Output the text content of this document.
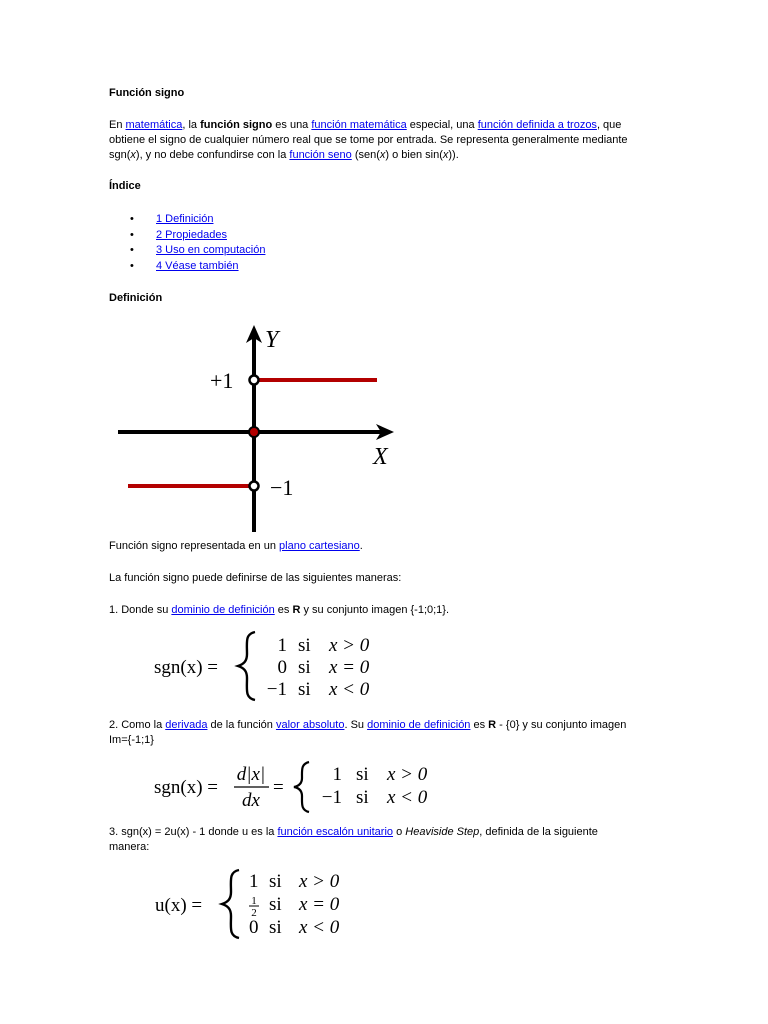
Función signo
En matemática, la función signo es una función matemática especial, una función definida a trozos, que obtiene el signo de cualquier número real que se tome por entrada. Se representa generalmente mediante sgn(x), y no debe confundirse con la función seno (sen(x) o bien sin(x)).
Índice
• 1 Definición
• 2 Propiedades
• 3 Uso en computación
• 4 Véase también
Definición
Y
X
+1
−1
Función signo representada en un plano cartesiano.
La función signo puede definirse de las siguientes maneras:
1. Donde su dominio de definición es R y su conjunto imagen {-1;0;1}.
sgn(x) =
1 si x > 0
0 si x = 0
−1 si x < 0
2. Como la derivada de la función valor absoluto. Su dominio de definición es R - {0} y su conjunto imagen Im={-1;1}
sgn(x) =
d|x|
dx
=
1 si x > 0
−1 si x < 0
3. sgn(x) = 2u(x) - 1 donde u es la función escalón unitario o Heaviside Step, definida de la siguiente manera:
u(x) =
1 si x > 0
1
2 si x = 0
0 si x < 0
